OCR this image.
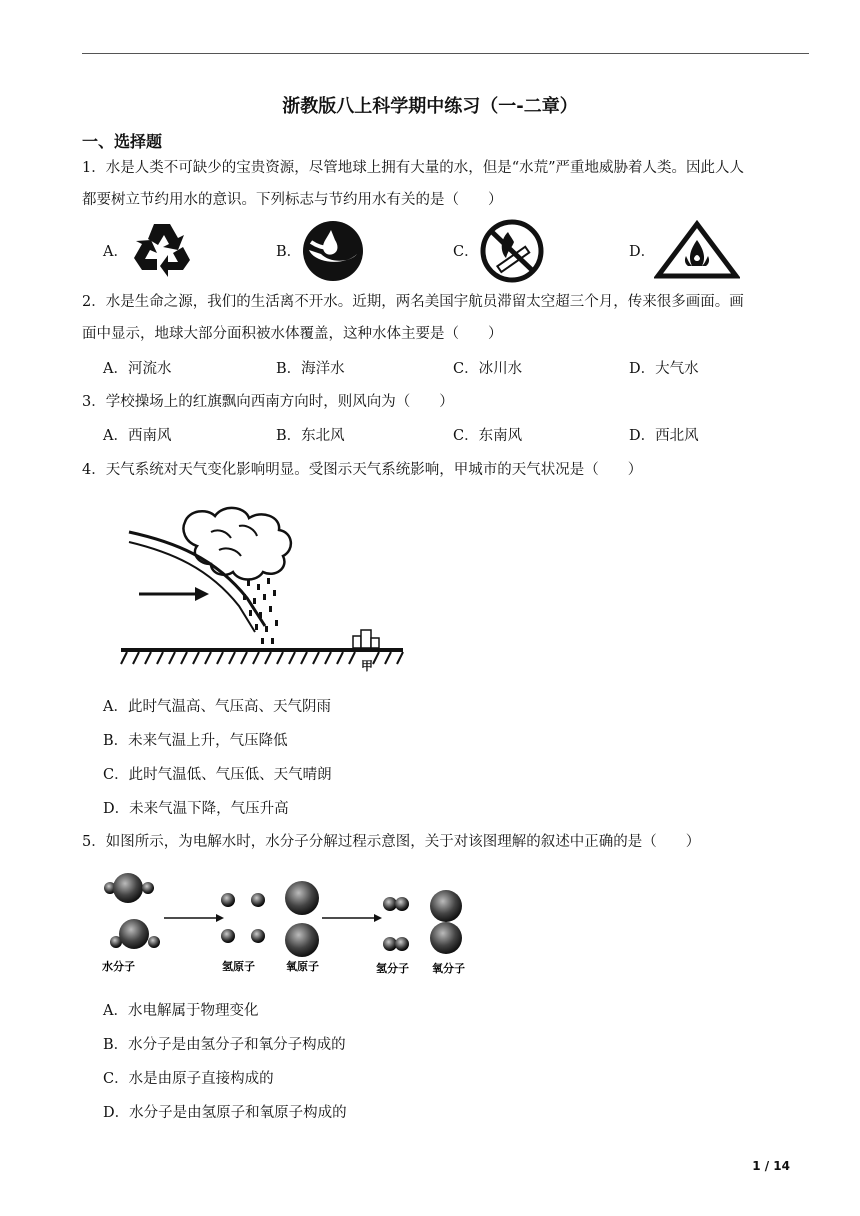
浙教版八上科学期中练习（一-二章）
一、选择题
1．水是人类不可缺少的宝贵资源，尽管地球上拥有大量的水，但是“水荒”严重地威胁着人类。因此人人
都要树立节约用水的意识。下列标志与节约用水有关的是（　　）
A．	B．	C．	D．
2．水是生命之源，我们的生活离不开水。近期，两名美国宇航员滞留太空超三个月，传来很多画面。画
面中显示，地球大部分面积被水体覆盖，这种水体主要是（　　）
A．河流水	B．海洋水	C．冰川水	D．大气水
3．学校操场上的红旗飘向西南方向时，则风向为（　　）
A．西南风	B．东北风	C．东南风	D．西北风
4．天气系统对天气变化影响明显。受图示天气系统影响，甲城市的天气状况是（　　）
甲
A．此时气温高、气压高、天气阴雨
B．未来气温上升，气压降低
C．此时气温低、气压低、天气晴朗
D．未来气温下降，气压升高
5．如图所示，为电解水时，水分子分解过程示意图，关于对该图理解的叙述中正确的是（　　）
水分子	氢原子	氧原子	氢分子 氧分子
A．水电解属于物理变化
B．水分子是由氢分子和氧分子构成的
C．水是由原子直接构成的
D．水分子是由氢原子和氧原子构成的
1 / 14
